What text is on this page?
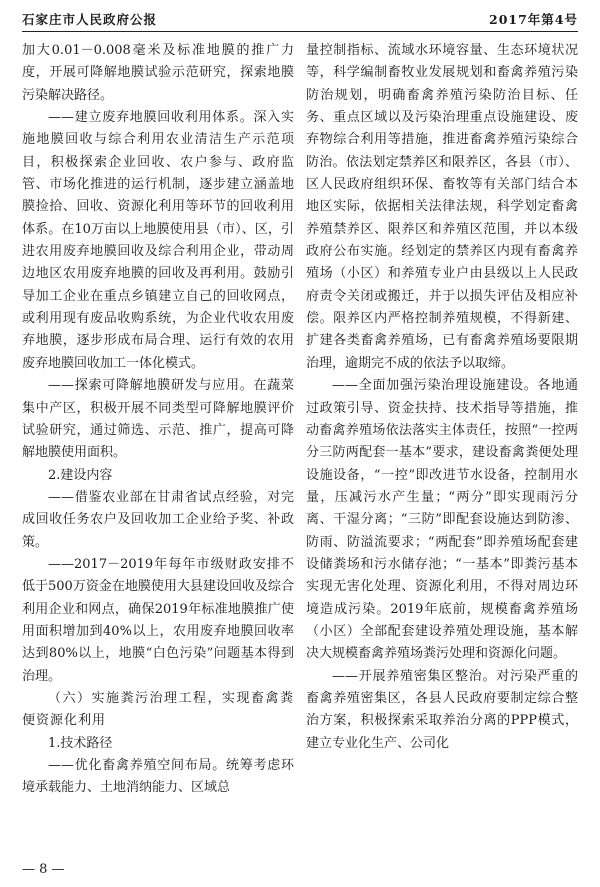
石家庄市人民政府公报	2017年第4号

加大0.01－0.008毫米及标准地膜的推广力度，开展可降解地膜试验示范研究，探索地膜污染解决路径。

——建立废弃地膜回收利用体系。深入实施地膜回收与综合利用农业清洁生产示范项目，积极探索企业回收、农户参与、政府监管、市场化推进的运行机制，逐步建立涵盖地膜捡拾、回收、资源化利用等环节的回收利用体系。在10万亩以上地膜使用县（市）、区，引进农用废弃地膜回收及综合利用企业，带动周边地区农用废弃地膜的回收及再利用。鼓励引导加工企业在重点乡镇建立自己的回收网点，或利用现有废品收购系统，为企业代收农用废弃地膜，逐步形成布局合理、运行有效的农用废弃地膜回收加工一体化模式。

——探索可降解地膜研发与应用。在蔬菜集中产区，积极开展不同类型可降解地膜评价试验研究，通过筛选、示范、推广，提高可降解地膜使用面积。

2.建设内容

——借鉴农业部在甘肃省试点经验，对完成回收任务农户及回收加工企业给予奖、补政策。

——2017－2019年每年市级财政安排不低于500万资金在地膜使用大县建设回收及综合利用企业和网点，确保2019年标准地膜推广使用面积增加到40%以上，农用废弃地膜回收率达到80%以上，地膜“白色污染”问题基本得到治理。

（六）实施粪污治理工程，实现畜禽粪便资源化利用

1.技术路径

——优化畜禽养殖空间布局。统筹考虑环境承载能力、土地消纳能力、区域总

量控制指标、流域水环境容量、生态环境状况等，科学编制畜牧业发展规划和畜禽养殖污染防治规划，明确畜禽养殖污染防治目标、任务、重点区域以及污染治理重点设施建设、废弃物综合利用等措施，推进畜禽养殖污染综合防治。依法划定禁养区和限养区，各县（市）、区人民政府组织环保、畜牧等有关部门结合本地区实际，依据相关法律法规，科学划定畜禽养殖禁养区、限养区和养殖区范围，并以本级政府公布实施。经划定的禁养区内现有畜禽养殖场（小区）和养殖专业户由县级以上人民政府责令关闭或搬迁，并于以损失评估及相应补偿。限养区内严格控制养殖规模，不得新建、扩建各类畜禽养殖场，已有畜禽养殖场要限期治理，逾期完不成的依法予以取缔。

——全面加强污染治理设施建设。各地通过政策引导、资金扶持、技术指导等措施，推动畜禽养殖场依法落实主体责任，按照“一控两分三防两配套一基本”要求，建设畜禽粪便处理设施设备，“一控”即改进节水设备，控制用水量，压减污水产生量；“两分”即实现雨污分离、干湿分离；“三防”即配套设施达到防渗、防雨、防溢流要求；“两配套”即养殖场配套建设储粪场和污水储存池；“一基本”即粪污基本实现无害化处理、资源化利用，不得对周边环境造成污染。2019年底前，规模畜禽养殖场（小区）全部配套建设养殖处理设施，基本解决大规模畜禽养殖场粪污处理和资源化问题。

——开展养殖密集区整治。对污染严重的畜禽养殖密集区，各县人民政府要制定综合整治方案，积极探索采取养治分离的PPP模式，建立专业化生产、公司化

— 8 —
